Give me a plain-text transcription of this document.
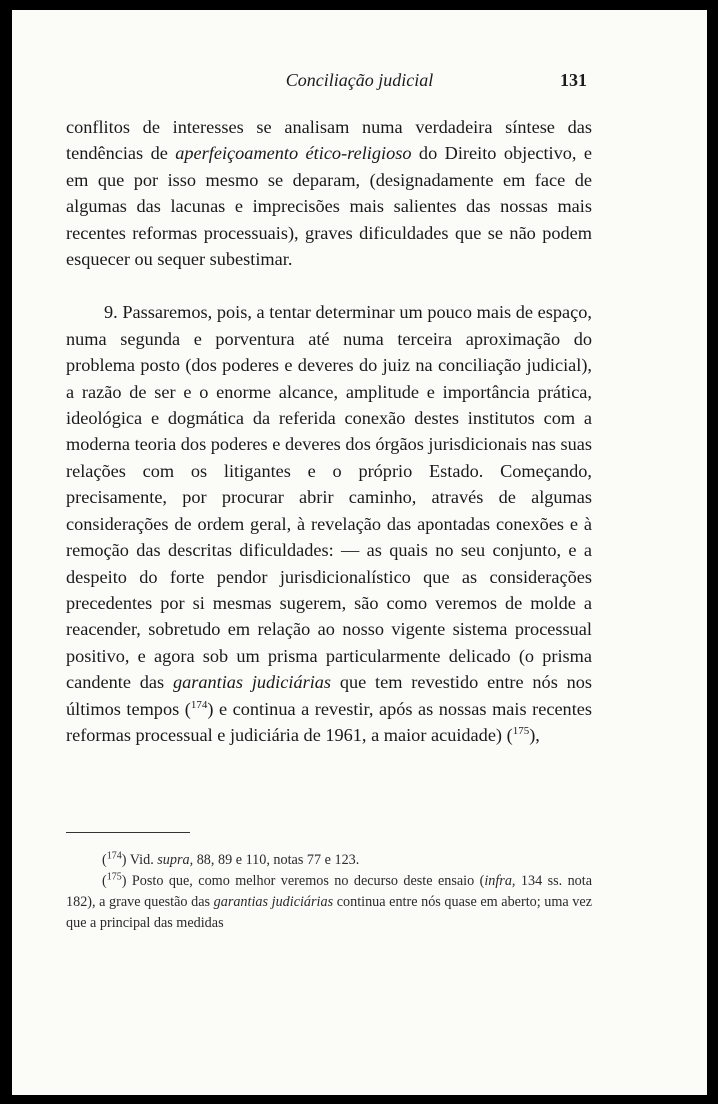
Conciliação judicial	131

conflitos de interesses se analisam numa verdadeira síntese das tendências de aperfeiçoamento ético-religioso do Direito objectivo, e em que por isso mesmo se deparam, (designadamente em face de algumas das lacunas e imprecisões mais salientes das nossas mais recentes reformas processuais), graves dificuldades que se não podem esquecer ou sequer subestimar.

9. Passaremos, pois, a tentar determinar um pouco mais de espaço, numa segunda e porventura até numa terceira aproximação do problema posto (dos poderes e deveres do juiz na conciliação judicial), a razão de ser e o enorme alcance, amplitude e importância prática, ideológica e dogmática da referida conexão destes institutos com a moderna teoria dos poderes e deveres dos órgãos jurisdicionais nas suas relações com os litigantes e o próprio Estado. Começando, precisamente, por procurar abrir caminho, através de algumas considerações de ordem geral, à revelação das apontadas conexões e à remoção das descritas dificuldades: — as quais no seu conjunto, e a despeito do forte pendor jurisdicionalístico que as considerações precedentes por si mesmas sugerem, são como veremos de molde a reacender, sobretudo em relação ao nosso vigente sistema processual positivo, e agora sob um prisma particularmente delicado (o prisma candente das garantias judiciárias que tem revestido entre nós nos últimos tempos ($^{174}$) e continua a revestir, após as nossas mais recentes reformas processual e judiciária de 1961, a maior acuidade) ($^{175}$),

($^{174}$) Vid. supra, 88, 89 e 110, notas 77 e 123.

($^{175}$) Posto que, como melhor veremos no decurso deste ensaio (infra, 134 ss. nota 182), a grave questão das garantias judiciárias continua entre nós quase em aberto; uma vez que a principal das medidas
